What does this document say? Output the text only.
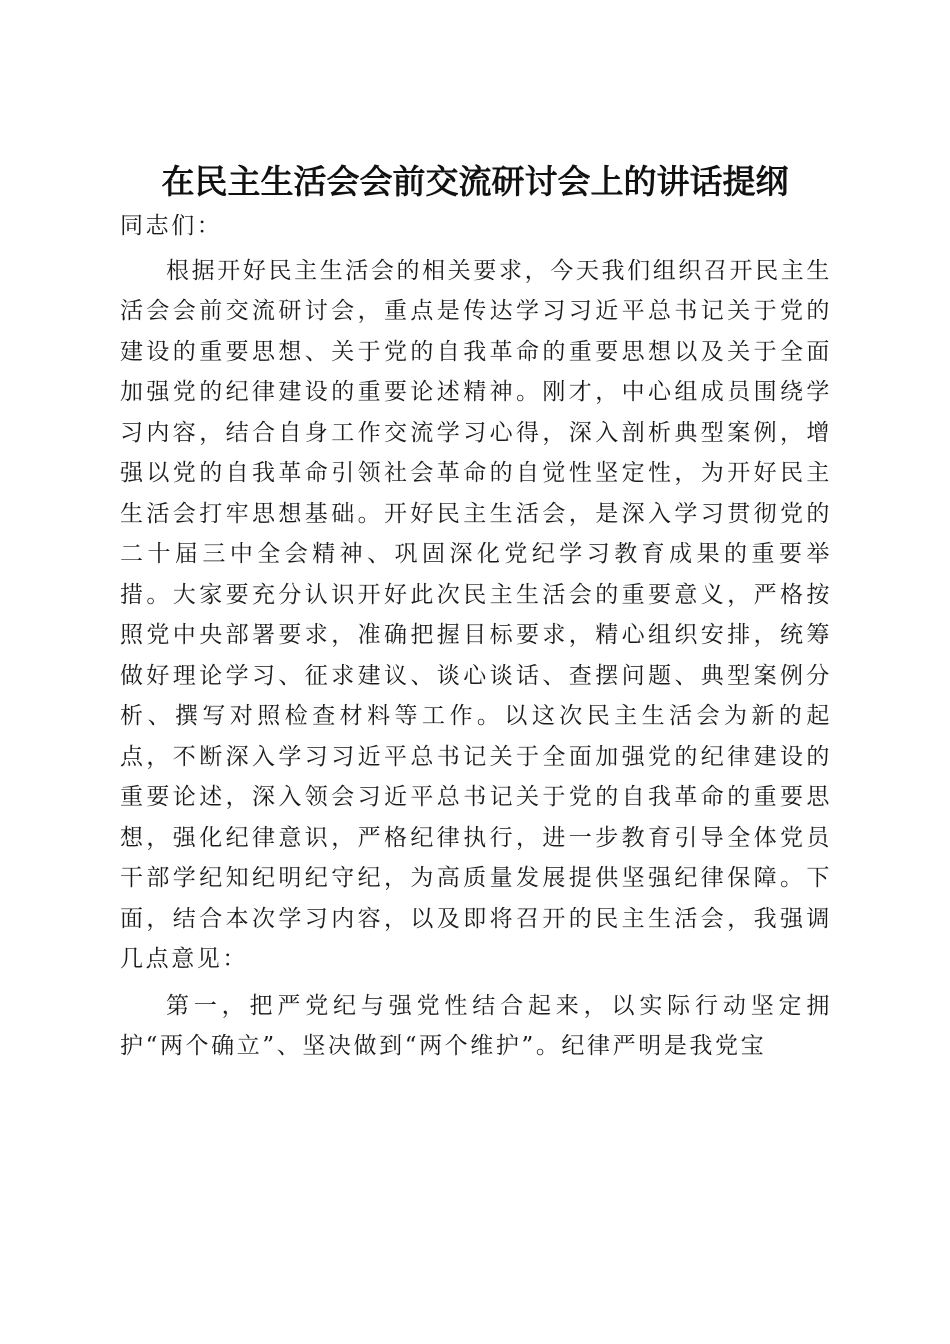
在民主生活会会前交流研讨会上的讲话提纲

同志们：

根据开好民主生活会的相关要求，今天我们组织召开民主生活会会前交流研讨会，重点是传达学习习近平总书记关于党的建设的重要思想、关于党的自我革命的重要思想以及关于全面加强党的纪律建设的重要论述精神。刚才，中心组成员围绕学习内容，结合自身工作交流学习心得，深入剖析典型案例，增强以党的自我革命引领社会革命的自觉性坚定性，为开好民主生活会打牢思想基础。开好民主生活会，是深入学习贯彻党的二十届三中全会精神、巩固深化党纪学习教育成果的重要举措。大家要充分认识开好此次民主生活会的重要意义，严格按照党中央部署要求，准确把握目标要求，精心组织安排，统筹做好理论学习、征求建议、谈心谈话、查摆问题、典型案例分析、撰写对照检查材料等工作。以这次民主生活会为新的起点，不断深入学习习近平总书记关于全面加强党的纪律建设的重要论述，深入领会习近平总书记关于党的自我革命的重要思想，强化纪律意识，严格纪律执行，进一步教育引导全体党员干部学纪知纪明纪守纪，为高质量发展提供坚强纪律保障。下面，结合本次学习内容，以及即将召开的民主生活会，我强调几点意见：

第一，把严党纪与强党性结合起来，以实际行动坚定拥护“两个确立”、坚决做到“两个维护”。纪律严明是我党宝
